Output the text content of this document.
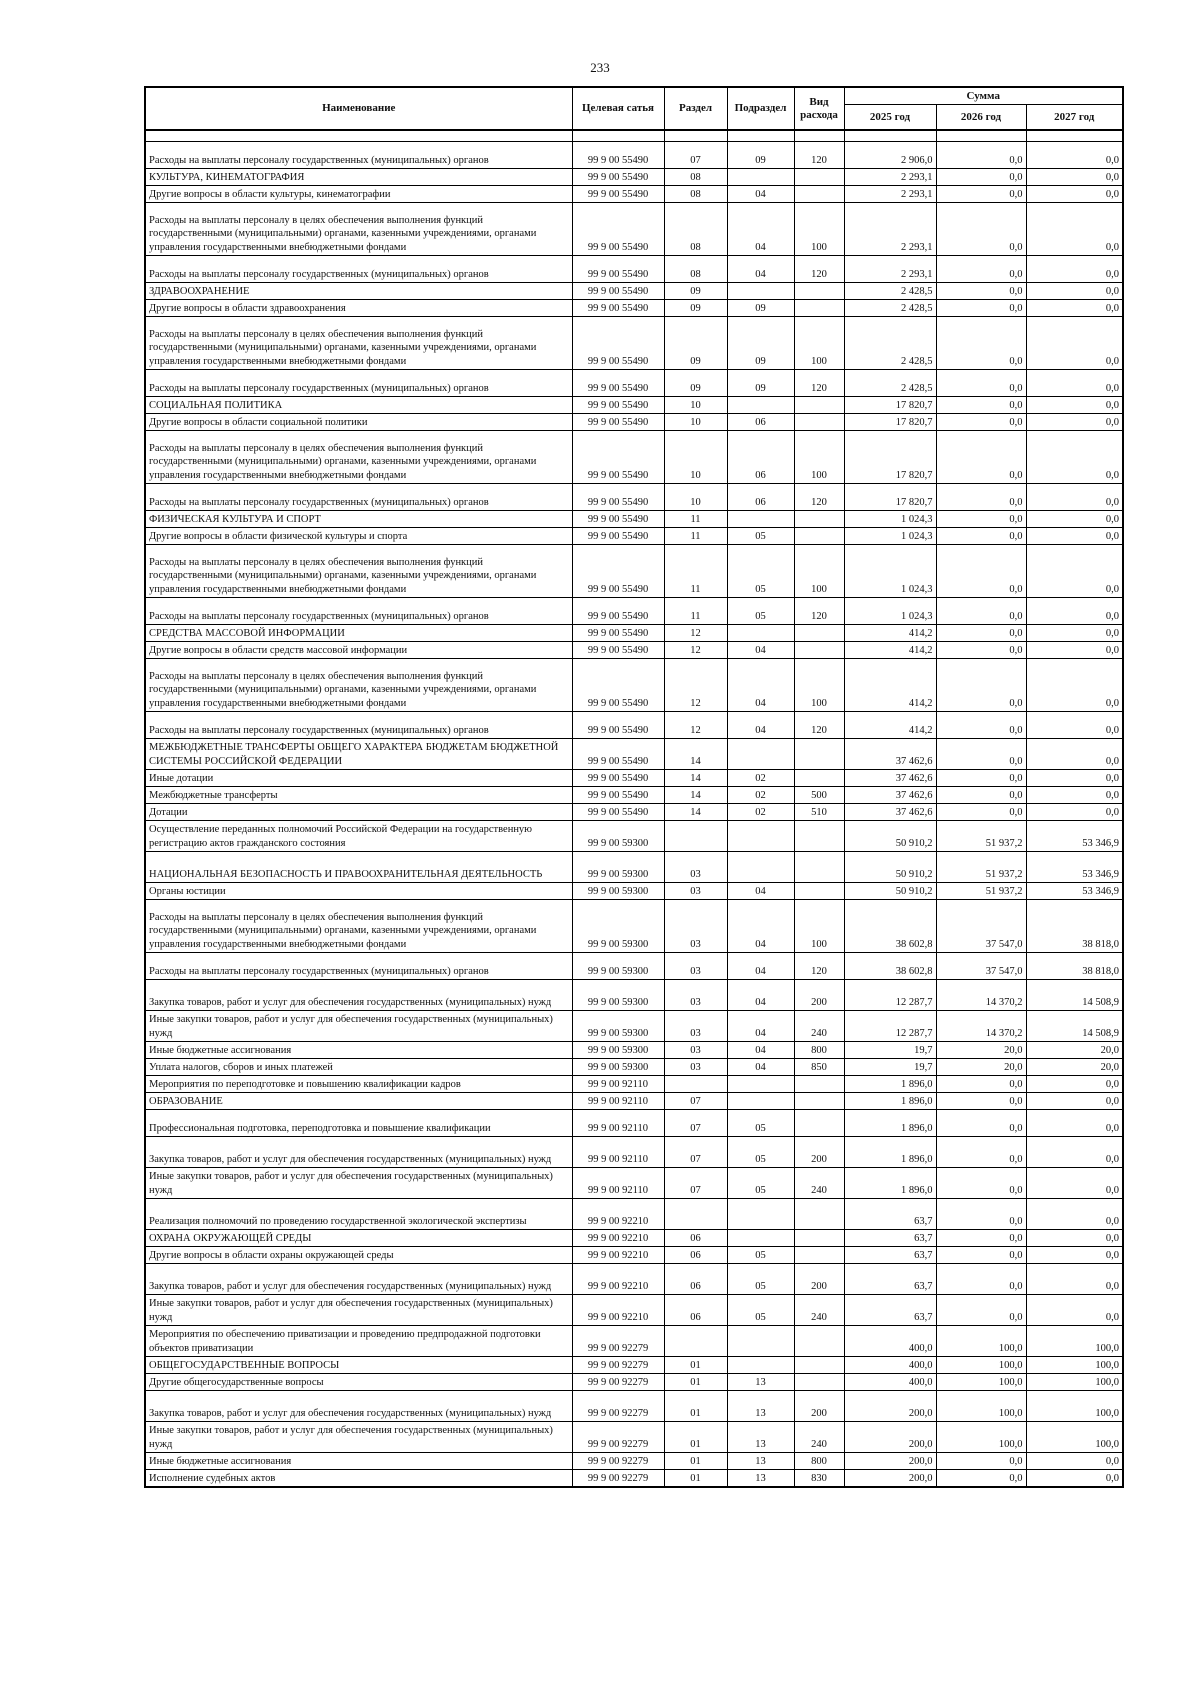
233
Наименование	Целевая сатья	Раздел	Подраздел	Вид расхода	Сумма		
					2025 год	2026 год	2027 год

Расходы на выплаты персоналу государственных (муниципальных) органов	99 9 00 55490	07	09	120	2 906,0	0,0	0,0
КУЛЬТУРА, КИНЕМАТОГРАФИЯ	99 9 00 55490	08			2 293,1	0,0	0,0
Другие вопросы в области культуры, кинематографии	99 9 00 55490	08	04		2 293,1	0,0	0,0
Расходы на выплаты персоналу в целях обеспечения выполнения функций государственными (муниципальными) органами, казенными учреждениями, органами управления государственными внебюджетными фондами	99 9 00 55490	08	04	100	2 293,1	0,0	0,0
Расходы на выплаты персоналу государственных (муниципальных) органов	99 9 00 55490	08	04	120	2 293,1	0,0	0,0
ЗДРАВООХРАНЕНИЕ	99 9 00 55490	09			2 428,5	0,0	0,0
Другие вопросы в области здравоохранения	99 9 00 55490	09	09		2 428,5	0,0	0,0
Расходы на выплаты персоналу в целях обеспечения выполнения функций государственными (муниципальными) органами, казенными учреждениями, органами управления государственными внебюджетными фондами	99 9 00 55490	09	09	100	2 428,5	0,0	0,0
Расходы на выплаты персоналу государственных (муниципальных) органов	99 9 00 55490	09	09	120	2 428,5	0,0	0,0
СОЦИАЛЬНАЯ ПОЛИТИКА	99 9 00 55490	10			17 820,7	0,0	0,0
Другие вопросы в области социальной политики	99 9 00 55490	10	06		17 820,7	0,0	0,0
Расходы на выплаты персоналу в целях обеспечения выполнения функций государственными (муниципальными) органами, казенными учреждениями, органами управления государственными внебюджетными фондами	99 9 00 55490	10	06	100	17 820,7	0,0	0,0
Расходы на выплаты персоналу государственных (муниципальных) органов	99 9 00 55490	10	06	120	17 820,7	0,0	0,0
ФИЗИЧЕСКАЯ КУЛЬТУРА И СПОРТ	99 9 00 55490	11			1 024,3	0,0	0,0
Другие вопросы в области физической культуры и спорта	99 9 00 55490	11	05		1 024,3	0,0	0,0
Расходы на выплаты персоналу в целях обеспечения выполнения функций государственными (муниципальными) органами, казенными учреждениями, органами управления государственными внебюджетными фондами	99 9 00 55490	11	05	100	1 024,3	0,0	0,0
Расходы на выплаты персоналу государственных (муниципальных) органов	99 9 00 55490	11	05	120	1 024,3	0,0	0,0
СРЕДСТВА МАССОВОЙ ИНФОРМАЦИИ	99 9 00 55490	12			414,2	0,0	0,0
Другие вопросы в области средств массовой информации	99 9 00 55490	12	04		414,2	0,0	0,0
Расходы на выплаты персоналу в целях обеспечения выполнения функций государственными (муниципальными) органами, казенными учреждениями, органами управления государственными внебюджетными фондами	99 9 00 55490	12	04	100	414,2	0,0	0,0
Расходы на выплаты персоналу государственных (муниципальных) органов	99 9 00 55490	12	04	120	414,2	0,0	0,0
МЕЖБЮДЖЕТНЫЕ ТРАНСФЕРТЫ ОБЩЕГО ХАРАКТЕРА БЮДЖЕТАМ БЮДЖЕТНОЙ СИСТЕМЫ РОССИЙСКОЙ ФЕДЕРАЦИИ	99 9 00 55490	14			37 462,6	0,0	0,0
Иные дотации	99 9 00 55490	14	02		37 462,6	0,0	0,0
Межбюджетные трансферты	99 9 00 55490	14	02	500	37 462,6	0,0	0,0
Дотации	99 9 00 55490	14	02	510	37 462,6	0,0	0,0
Осуществление переданных полномочий Российской Федерации на государственную регистрацию актов гражданского состояния	99 9 00 59300				50 910,2	51 937,2	53 346,9
НАЦИОНАЛЬНАЯ БЕЗОПАСНОСТЬ И ПРАВООХРАНИТЕЛЬНАЯ ДЕЯТЕЛЬНОСТЬ	99 9 00 59300	03			50 910,2	51 937,2	53 346,9
Органы юстиции	99 9 00 59300	03	04		50 910,2	51 937,2	53 346,9
Расходы на выплаты персоналу в целях обеспечения выполнения функций государственными (муниципальными) органами, казенными учреждениями, органами управления государственными внебюджетными фондами	99 9 00 59300	03	04	100	38 602,8	37 547,0	38 818,0
Расходы на выплаты персоналу государственных (муниципальных) органов	99 9 00 59300	03	04	120	38 602,8	37 547,0	38 818,0
Закупка товаров, работ и услуг для обеспечения государственных (муниципальных) нужд	99 9 00 59300	03	04	200	12 287,7	14 370,2	14 508,9
Иные закупки товаров, работ и услуг для обеспечения государственных (муниципальных) нужд	99 9 00 59300	03	04	240	12 287,7	14 370,2	14 508,9
Иные бюджетные ассигнования	99 9 00 59300	03	04	800	19,7	20,0	20,0
Уплата налогов, сборов и иных платежей	99 9 00 59300	03	04	850	19,7	20,0	20,0
Мероприятия по переподготовке и повышению квалификации кадров	99 9 00 92110				1 896,0	0,0	0,0
ОБРАЗОВАНИЕ	99 9 00 92110	07			1 896,0	0,0	0,0
Профессиональная подготовка, переподготовка и повышение квалификации	99 9 00 92110	07	05		1 896,0	0,0	0,0
Закупка товаров, работ и услуг для обеспечения государственных (муниципальных) нужд	99 9 00 92110	07	05	200	1 896,0	0,0	0,0
Иные закупки товаров, работ и услуг для обеспечения государственных (муниципальных) нужд	99 9 00 92110	07	05	240	1 896,0	0,0	0,0
Реализация полномочий по проведению государственной экологической экспертизы	99 9 00 92210				63,7	0,0	0,0
ОХРАНА ОКРУЖАЮЩЕЙ СРЕДЫ	99 9 00 92210	06			63,7	0,0	0,0
Другие вопросы в области охраны окружающей среды	99 9 00 92210	06	05		63,7	0,0	0,0
Закупка товаров, работ и услуг для обеспечения государственных (муниципальных) нужд	99 9 00 92210	06	05	200	63,7	0,0	0,0
Иные закупки товаров, работ и услуг для обеспечения государственных (муниципальных) нужд	99 9 00 92210	06	05	240	63,7	0,0	0,0
Мероприятия по обеспечению приватизации и проведению предпродажной подготовки объектов приватизации	99 9 00 92279				400,0	100,0	100,0
ОБЩЕГОСУДАРСТВЕННЫЕ ВОПРОСЫ	99 9 00 92279	01			400,0	100,0	100,0
Другие общегосударственные вопросы	99 9 00 92279	01	13		400,0	100,0	100,0
Закупка товаров, работ и услуг для обеспечения государственных (муниципальных) нужд	99 9 00 92279	01	13	200	200,0	100,0	100,0
Иные закупки товаров, работ и услуг для обеспечения государственных (муниципальных) нужд	99 9 00 92279	01	13	240	200,0	100,0	100,0
Иные бюджетные ассигнования	99 9 00 92279	01	13	800	200,0	0,0	0,0
Исполнение судебных актов	99 9 00 92279	01	13	830	200,0	0,0	0,0
